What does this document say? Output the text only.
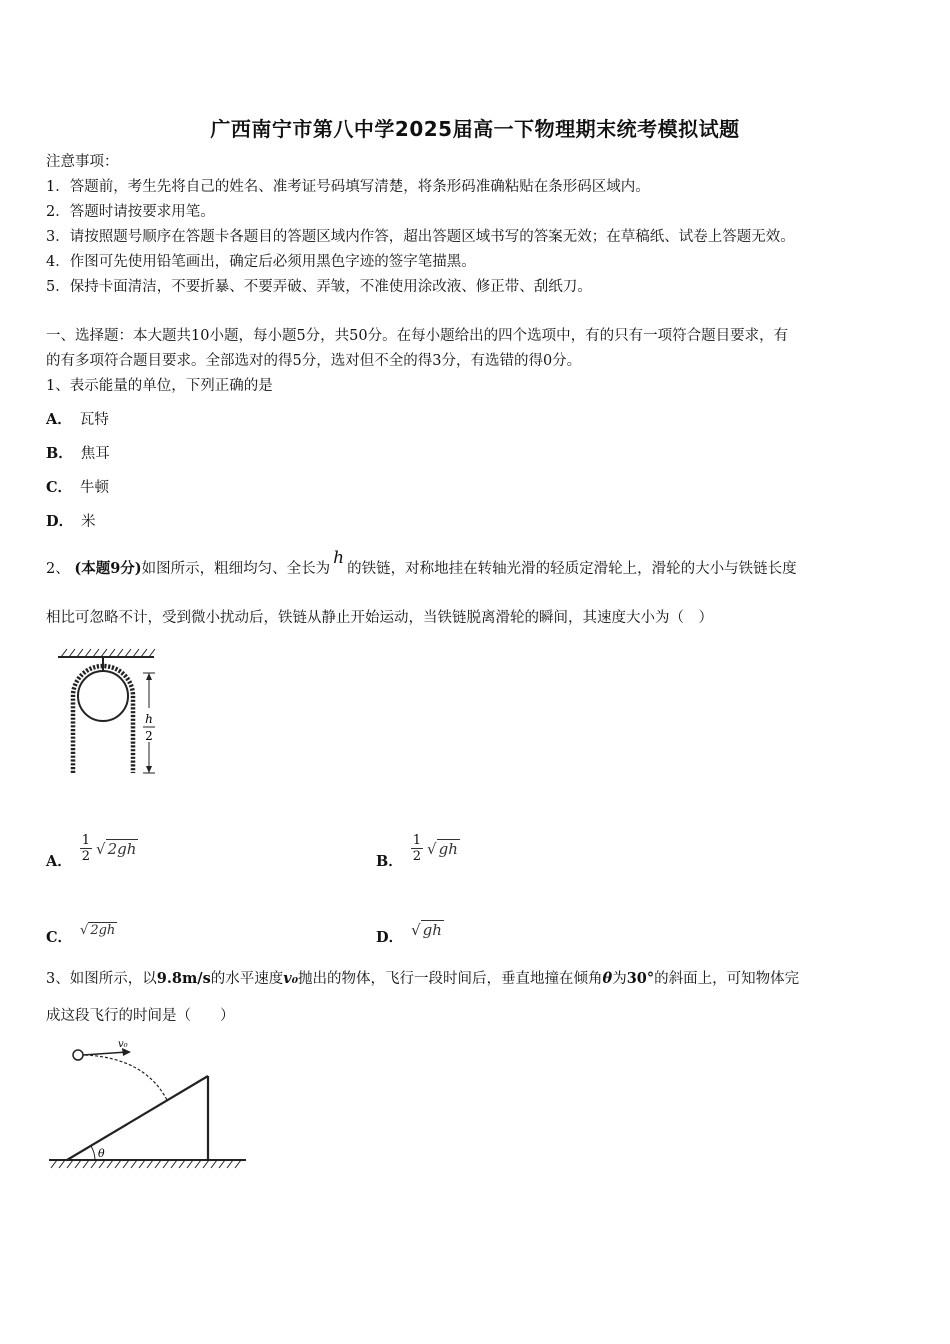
广西南宁市第八中学2025届高一下物理期末统考模拟试题
注意事项：
1．答题前，考生先将自己的姓名、准考证号码填写清楚，将条形码准确粘贴在条形码区域内。
2．答题时请按要求用笔。
3．请按照题号顺序在答题卡各题目的答题区域内作答，超出答题区域书写的答案无效；在草稿纸、试卷上答题无效。
4．作图可先使用铅笔画出，确定后必须用黑色字迹的签字笔描黑。
5．保持卡面清洁，不要折暴、不要弄破、弄皱，不准使用涂改液、修正带、刮纸刀。
一、选择题：本大题共10小题，每小题5分，共50分。在每小题给出的四个选项中，有的只有一项符合题目要求，有
的有多项符合题目要求。全部选对的得5分，选对但不全的得3分，有选错的得0分。
1、表示能量的单位，下列正确的是
A． 瓦特
B． 焦耳
C． 牛顿
D． 米
2、 (本题9分)如图所示，粗细均匀、全长为h的铁链，对称地挂在转轴光滑的轻质定滑轮上，滑轮的大小与铁链长度
相比可忽略不计，受到微小扰动后，铁链从静止开始运动，当铁链脱离滑轮的瞬间，其速度大小为（　）
h
2
A． $\frac{1}{2}$ √ 2gh
B． $\frac{1}{2}$ √ gh
C． √ 2gh	D． √ gh
3、如图所示，以9.8m/s的水平速度v₀抛出的物体，飞行一段时间后，垂直地撞在倾角θ为30°的斜面上，可知物体完
成这段飞行的时间是（　　）
θ
v₀
